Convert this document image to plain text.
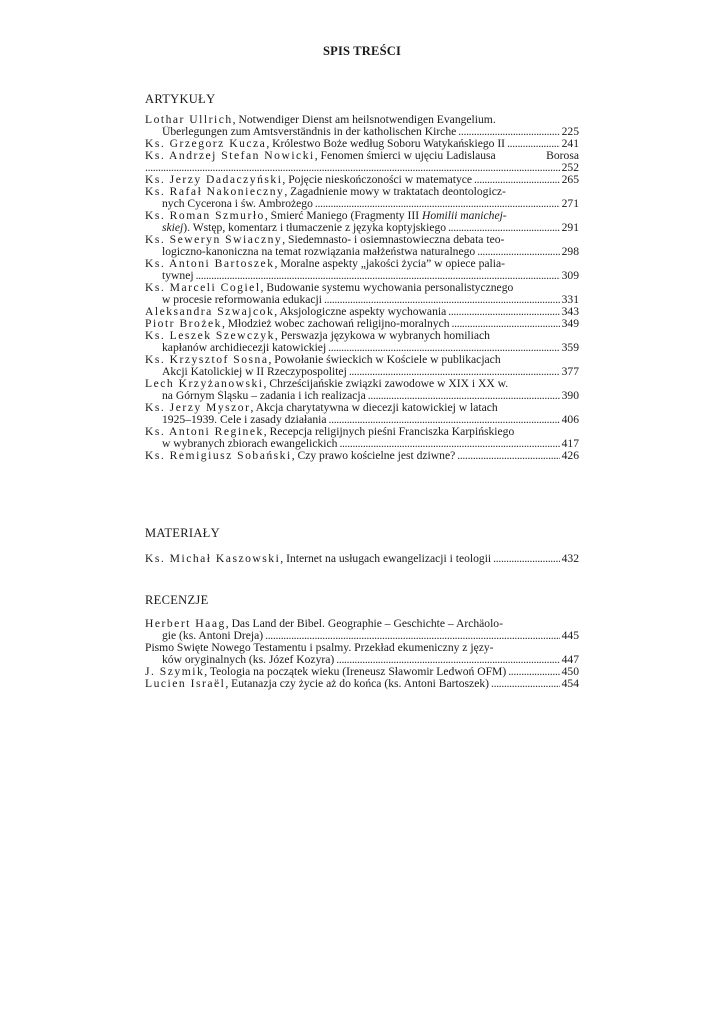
SPIS TREŚCI
ARTYKUŁY
Lothar Ullrich, Notwendiger Dienst am heilsnotwendigen Evangelium.
Überlegungen zum Amtsverständnis in der katholischen Kirche . . .	225
Ks. Grzegorz Kucza, Królestwo Boże według Soboru Watykańskiego II . . .	241
Ks. Andrzej Stefan Nowicki, Fenomen śmierci w ujęciu Ladislausa	Borosa
. . .
252
Ks. Jerzy Dadaczyński, Pojęcie nieskończoności w matematyce . . .	265
Ks. Rafał Nakonieczny, Zagadnienie mowy w traktatach deontologicz-
nych Cycerona i św. Ambrożego . . .	271
Ks. Roman Szmurło, Śmierć Maniego (Fragmenty III Homilii manichej-
skiej). Wstęp, komentarz i tłumaczenie z języka koptyjskiego . . .	291
Ks. Seweryn Świaczny, Siedemnasto- i osiemnastowieczna debata teo-
logiczno-kanoniczna na temat rozwiązania małżeństwa naturalnego . . .	298
Ks. Antoni Bartoszek, Moralne aspekty „jakości życia” w opiece palia-
tywnej . . .	309
Ks. Marceli Cogiel, Budowanie systemu wychowania personalistycznego
w procesie reformowania edukacji . . .	331
Aleksandra Szwajcok, Aksjologiczne aspekty wychowania . . .	343
Piotr Brożek, Młodzież wobec zachowań religijno-moralnych . . .	349
Ks. Leszek Szewczyk, Perswazja językowa w wybranych homiliach
kapłanów archidiecezji katowickiej . . .	359
Ks. Krzysztof Sosna, Powołanie świeckich w Kościele w publikacjach
Akcji Katolickiej w II Rzeczypospolitej . . .	377
Lech Krzyżanowski, Chrześcijańskie związki zawodowe w XIX i XX w.
na Górnym Śląsku – zadania i ich realizacja . . .	390
Ks. Jerzy Myszor, Akcja charytatywna w diecezji katowickiej w latach
1925–1939. Cele i zasady działania . . .	406
Ks. Antoni Reginek, Recepcja religijnych pieśni Franciszka Karpińskiego
w wybranych zbiorach ewangelickich . . .	417
Ks. Remigiusz Sobański, Czy prawo kościelne jest dziwne? . . .	426
MATERIAŁY
Ks. Michał Kaszowski, Internet na usługach ewangelizacji i teologii . . .	432
RECENZJE
Herbert Haag, Das Land der Bibel. Geographie – Geschichte – Archäolo-
gie (ks. Antoni Dreja) . . .	445
Pismo Święte Nowego Testamentu i psalmy. Przekład ekumeniczny z języ-
ków oryginalnych (ks. Józef Kozyra) . . .	447
J. Szymik, Teologia na początek wieku (Ireneusz Sławomir Ledwoń OFM) . . .	450
Lucien Israël, Eutanazja czy życie aż do końca (ks. Antoni Bartoszek) . . .	454
